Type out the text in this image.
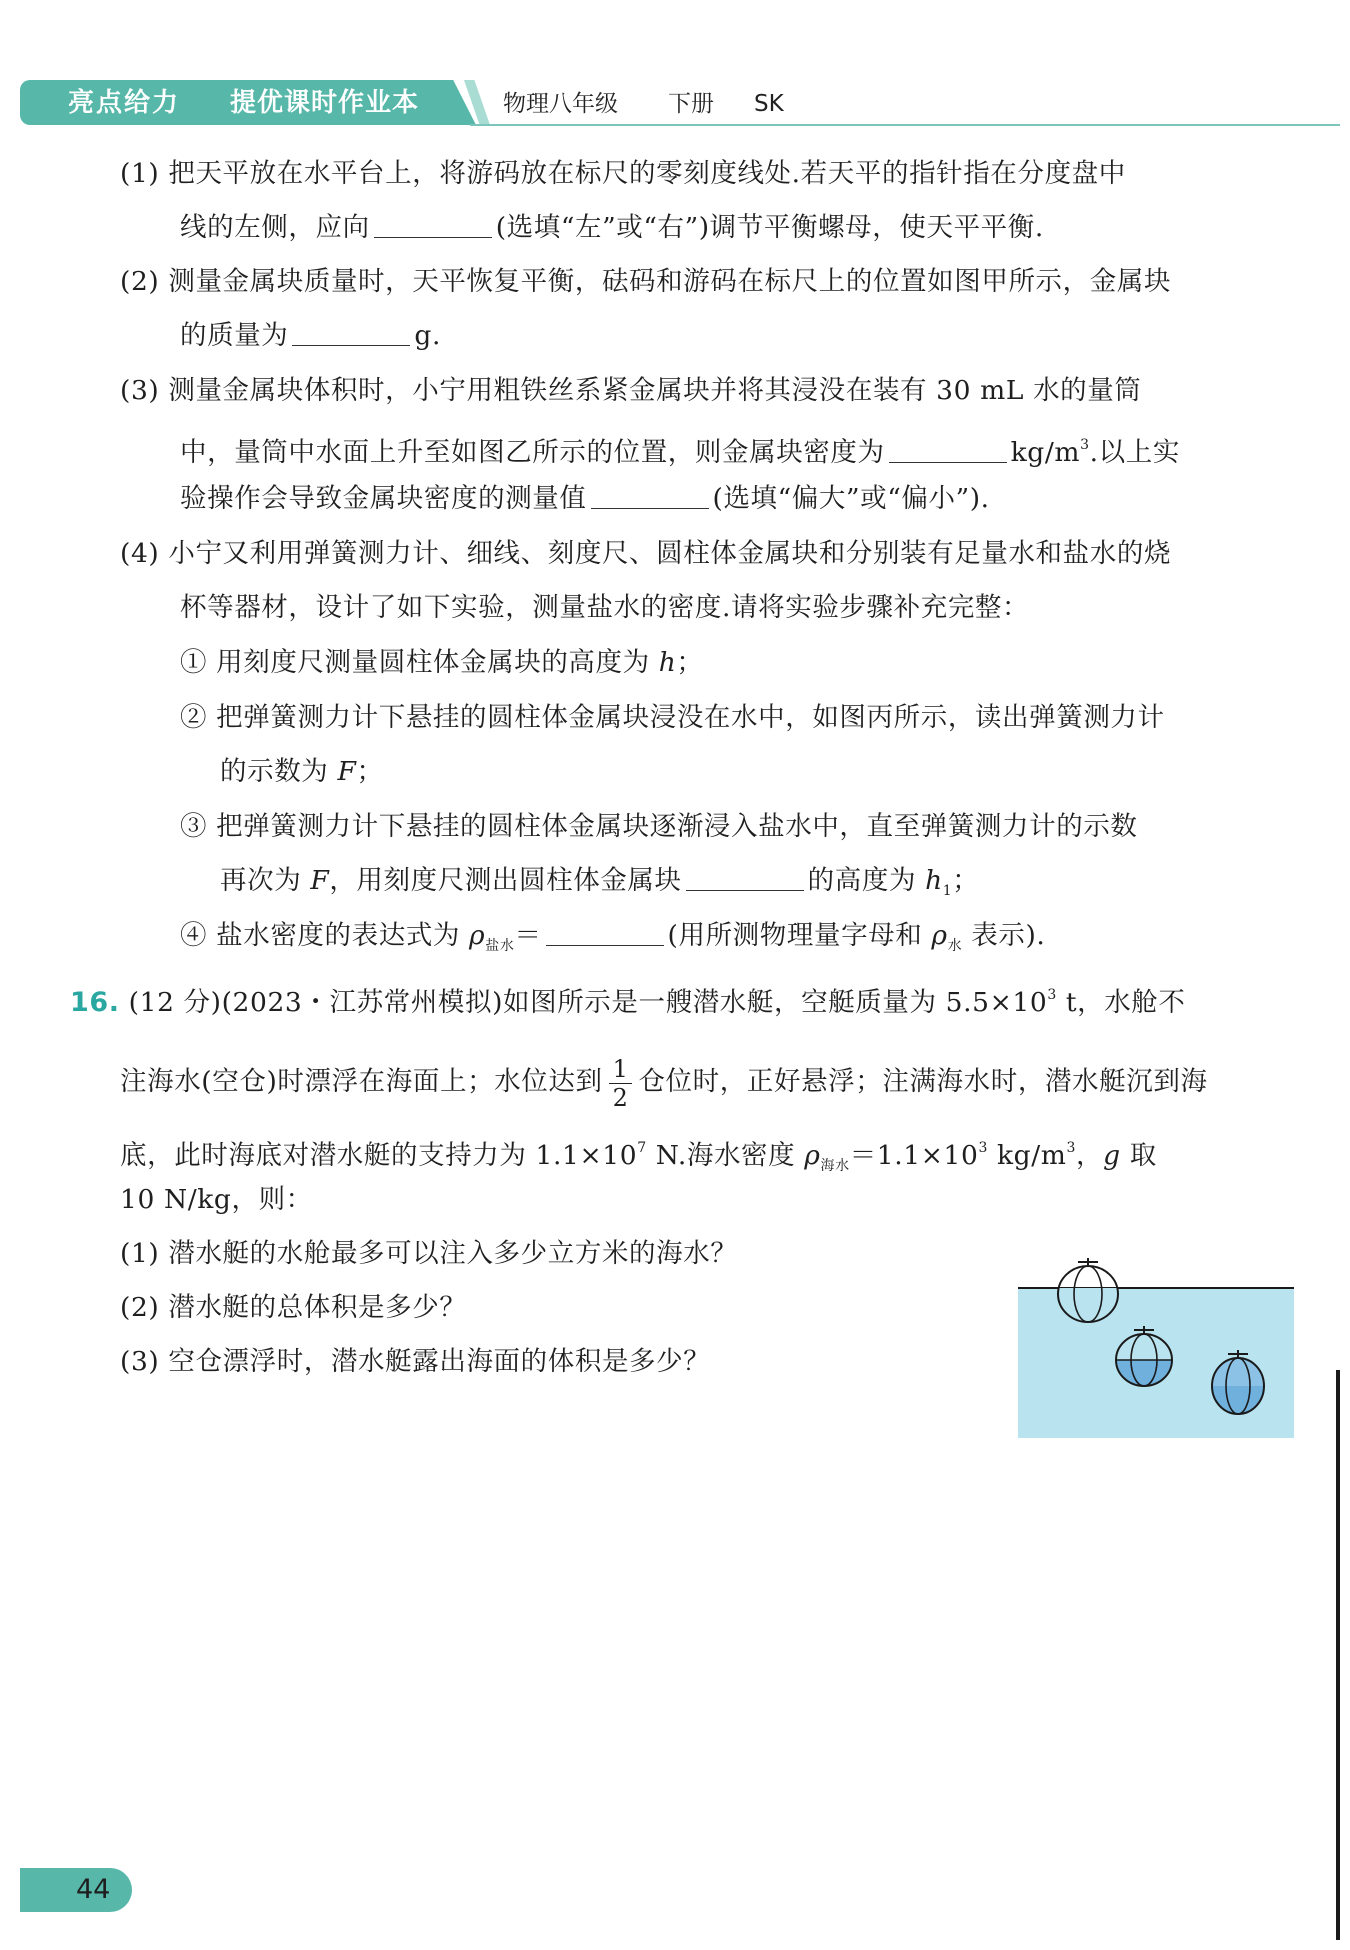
亮点给力 提优课时作业本	物理八年级 下册 SK
(1) 把天平放在水平台上，将游码放在标尺的零刻度线处.若天平的指针指在分度盘中
线的左侧，应向	(选填“左”或“右”)调节平衡螺母，使天平平衡.
(2) 测量金属块质量时，天平恢复平衡，砝码和游码在标尺上的位置如图甲所示，金属块
的质量为	g.
(3) 测量金属块体积时，小宁用粗铁丝系紧金属块并将其浸没在装有 30 mL 水的量筒
中，量筒中水面上升至如图乙所示的位置，则金属块密度为	$kg/m^3$.以上实
验操作会导致金属块密度的测量值	(选填“偏大”或“偏小”).
(4) 小宁又利用弹簧测力计、细线、刻度尺、圆柱体金属块和分别装有足量水和盐水的烧
杯等器材，设计了如下实验，测量盐水的密度.请将实验步骤补充完整：
① 用刻度尺测量圆柱体金属块的高度为 h；
② 把弹簧测力计下悬挂的圆柱体金属块浸没在水中，如图丙所示，读出弹簧测力计
的示数为 F；
③ 把弹簧测力计下悬挂的圆柱体金属块逐渐浸入盐水中，直至弹簧测力计的示数
再次为 F，用刻度尺测出圆柱体金属块	的高度为 $h_1$；
④ 盐水密度的表达式为 $\rho_{盐水}=$	(用所测物理量字母和 $\rho_水$ 表示).
16. (12 分)(2023・江苏常州模拟)如图所示是一艘潜水艇，空艇质量为 $5.5\times 10^3$ t，水舱不
注海水(空仓)时漂浮在海面上；水位达到 $\frac{1}{2}$ 仓位时，正好悬浮；注满海水时，潜水艇沉到海
底，此时海底对潜水艇的支持力为 $1.1\times 10^7$ N.海水密度 $\rho_{海水}=1.1\times 10^3$ $kg/m^3$，g 取
10 N/kg，则：
(1) 潜水艇的水舱最多可以注入多少立方米的海水？
(2) 潜水艇的总体积是多少？
(3) 空仓漂浮时，潜水艇露出海面的体积是多少？
44
